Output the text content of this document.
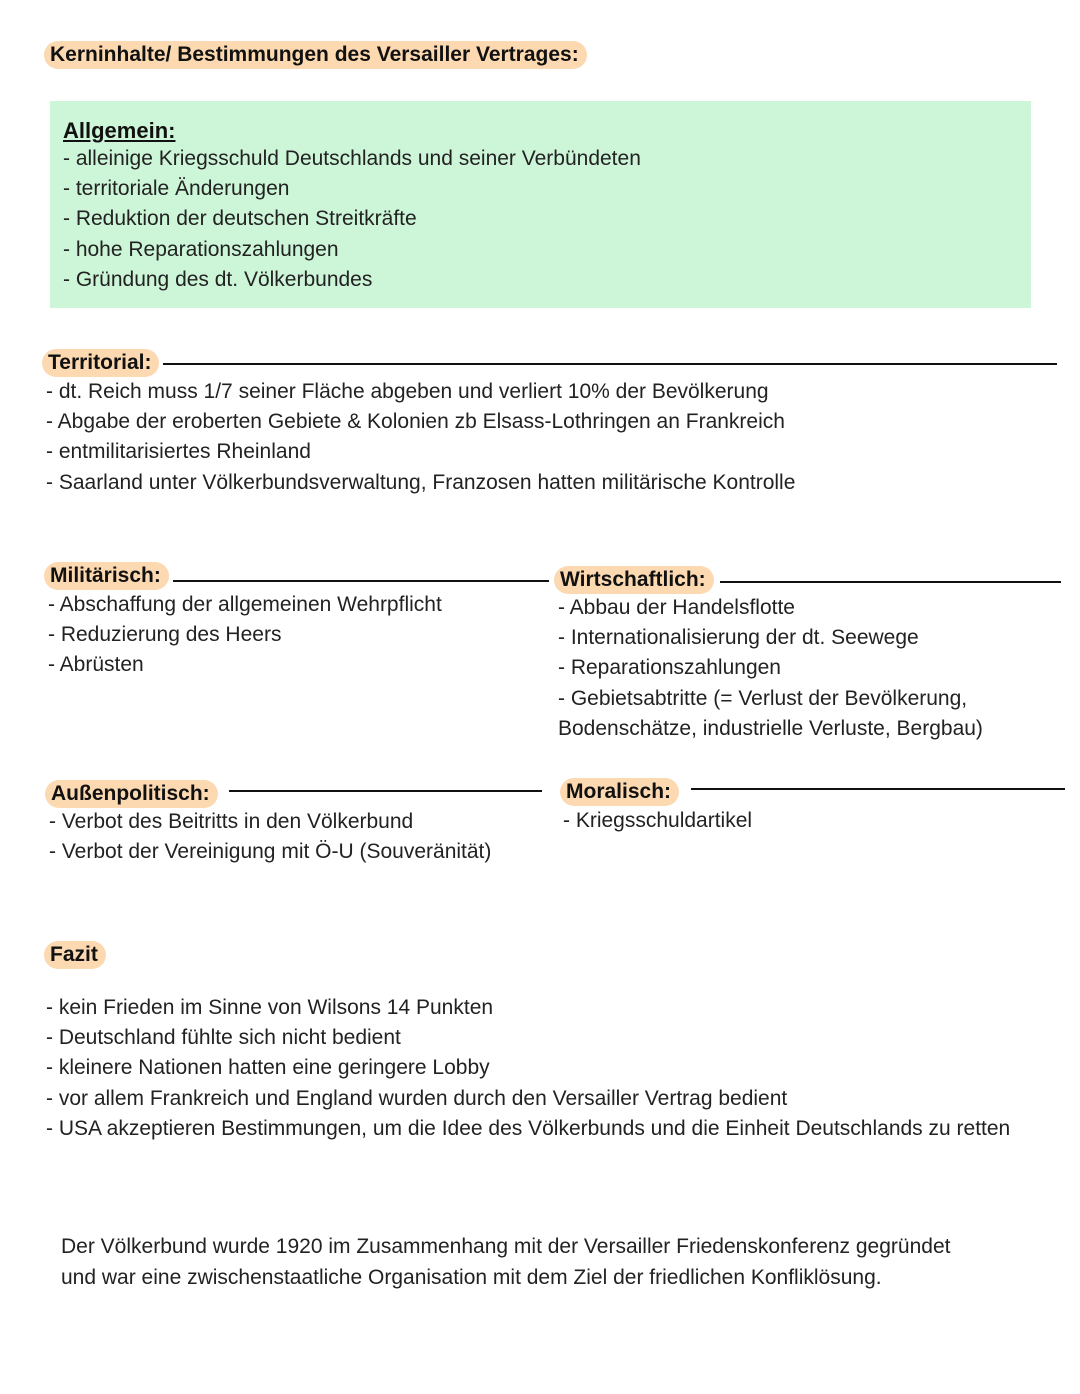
Kerninhalte/ Bestimmungen des Versailler Vertrages:
Allgemein:
- alleinige Kriegsschuld Deutschlands und seiner Verbündeten
- territoriale Änderungen
- Reduktion der deutschen Streitkräfte
- hohe Reparationszahlungen
- Gründung des dt. Völkerbundes
Territorial:
- dt. Reich muss 1/7 seiner Fläche abgeben und verliert 10% der Bevölkerung
- Abgabe der eroberten Gebiete & Kolonien zb Elsass-Lothringen an Frankreich
- entmilitarisiertes Rheinland
- Saarland unter Völkerbundsverwaltung, Franzosen hatten militärische Kontrolle
Militärisch:
- Abschaffung der allgemeinen Wehrpflicht
- Reduzierung des Heers
- Abrüsten
Wirtschaftlich:
- Abbau der Handelsflotte
- Internationalisierung der dt. Seewege
- Reparationszahlungen
- Gebietsabtritte (= Verlust der Bevölkerung,
Bodenschätze, industrielle Verluste, Bergbau)
Außenpolitisch:
- Verbot des Beitritts in den Völkerbund
- Verbot der Vereinigung mit Ö-U (Souveränität)
Moralisch:
- Kriegsschuldartikel
Fazit
- kein Frieden im Sinne von Wilsons 14 Punkten
- Deutschland fühlte sich nicht bedient
- kleinere Nationen hatten eine geringere Lobby
- vor allem Frankreich und England wurden durch den Versailler Vertrag bedient
- USA akzeptieren Bestimmungen, um die Idee des Völkerbunds und die Einheit Deutschlands zu retten
Der Völkerbund wurde 1920 im Zusammenhang mit der Versailler Friedenskonferenz gegründet
und war eine zwischenstaatliche Organisation mit dem Ziel der friedlichen Konfliklösung.
